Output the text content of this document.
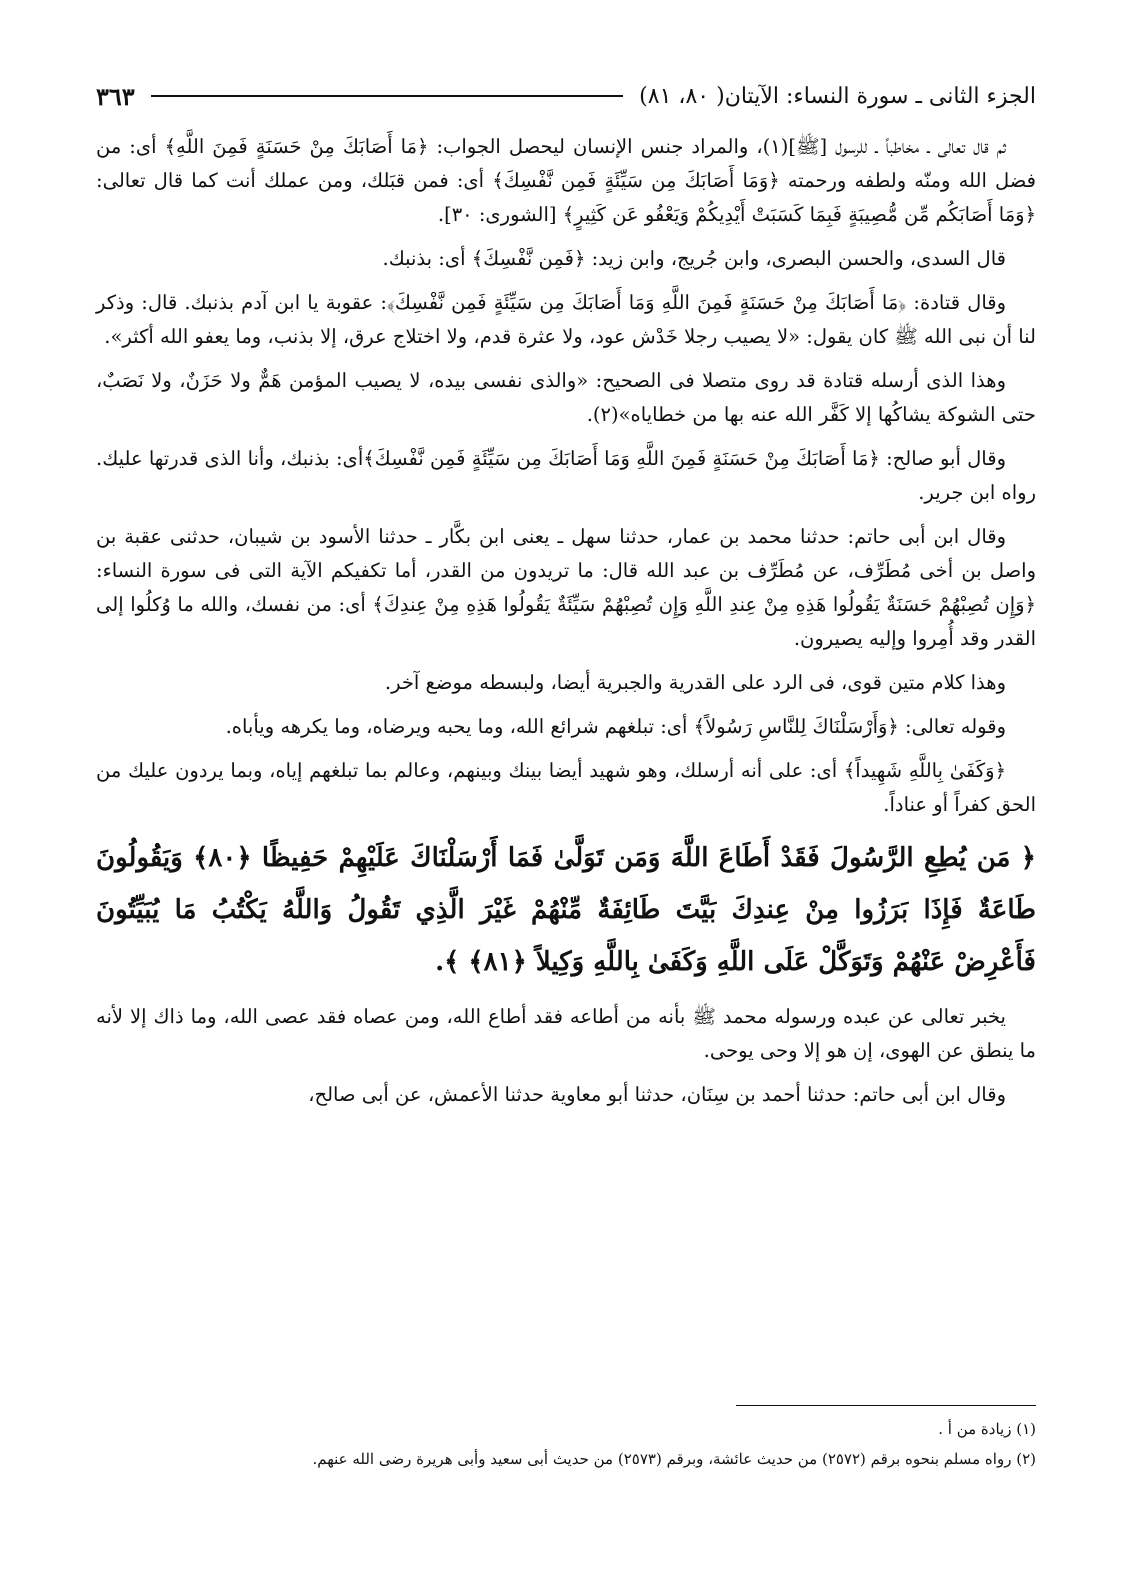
الجزء الثانى ـ سورة النساء: الآيتان( ٨٠، ٨١)
٣٦٣

ثم قال تعالى ـ مخاطباً ـ للرسول [ﷺ](١)، والمراد جنس الإنسان ليحصل الجواب: ﴿مَا أَصَابَكَ مِنْ حَسَنَةٍ فَمِنَ اللَّهِ﴾ أى: من فضل الله ومنّه ولطفه ورحمته ﴿وَمَا أَصَابَكَ مِن سَيِّئَةٍ فَمِن نَّفْسِكَ﴾ أى: فمن قبَلك، ومن عملك أنت كما قال تعالى: ﴿وَمَا أَصَابَكُم مِّن مُّصِيبَةٍ فَبِمَا كَسَبَتْ أَيْدِيكُمْ وَيَعْفُو عَن كَثِيرٍ﴾ [الشورى: ٣٠].

قال السدى، والحسن البصرى، وابن جُريج، وابن زيد: ﴿فَمِن نَّفْسِكَ﴾ أى: بذنبك.

وقال قتادة: ﴿مَا أَصَابَكَ مِنْ حَسَنَةٍ فَمِنَ اللَّهِ وَمَا أَصَابَكَ مِن سَيِّئَةٍ فَمِن نَّفْسِكَ﴾: عقوبة يا ابن آدم بذنبك. قال: وذكر لنا أن نبى الله ﷺ كان يقول: «لا يصيب رجلا خَدْش عود، ولا عثرة قدم، ولا اختلاج عرق، إلا بذنب، وما يعفو الله أكثر».

وهذا الذى أرسله قتادة قد روى متصلا فى الصحيح: «والذى نفسى بيده، لا يصيب المؤمن هَمٌّ ولا حَزَنٌ، ولا نَصَبٌ، حتى الشوكة يشاكُها إلا كَفَّر الله عنه بها من خطاياه»(٢).

وقال أبو صالح: ﴿مَا أَصَابَكَ مِنْ حَسَنَةٍ فَمِنَ اللَّهِ وَمَا أَصَابَكَ مِن سَيِّئَةٍ فَمِن نَّفْسِكَ﴾أى: بذنبك، وأنا الذى قدرتها عليك. رواه ابن جرير.

وقال ابن أبى حاتم: حدثنا محمد بن عمار، حدثنا سهل ـ يعنى ابن بكَّار ـ حدثنا الأسود بن شيبان، حدثنى عقبة بن واصل بن أخى مُطَرِّف، عن مُطَرِّف بن عبد الله قال: ما تريدون من القدر، أما تكفيكم الآية التى فى سورة النساء: ﴿وَإِن تُصِبْهُمْ حَسَنَةٌ يَقُولُوا هَذِهِ مِنْ عِندِ اللَّهِ وَإِن تُصِبْهُمْ سَيِّئَةٌ يَقُولُوا هَذِهِ مِنْ عِندِكَ﴾ أى: من نفسك، والله ما وُكلُوا إلى القدر وقد أُمِروا وإليه يصيرون.

وهذا كلام متين قوى، فى الرد على القدرية والجبرية أيضا، ولبسطه موضع آخر.

وقوله تعالى: ﴿وَأَرْسَلْنَاكَ لِلنَّاسِ رَسُولاً﴾ أى: تبلغهم شرائع الله، وما يحبه ويرضاه، وما يكرهه ويأباه.

﴿وَكَفَىٰ بِاللَّهِ شَهِيداً﴾ أى: على أنه أرسلك، وهو شهيد أيضا بينك وبينهم، وعالم بما تبلغهم إياه، وبما يردون عليك من الحق كفراً أو عناداً.

﴿ مَن يُطِعِ الرَّسُولَ فَقَدْ أَطَاعَ اللَّهَ وَمَن تَوَلَّىٰ فَمَا أَرْسَلْنَاكَ عَلَيْهِمْ حَفِيظًا ﴿٨٠﴾ وَيَقُولُونَ طَاعَةٌ فَإِذَا بَرَزُوا مِنْ عِندِكَ بَيَّتَ طَائِفَةٌ مِّنْهُمْ غَيْرَ الَّذِي تَقُولُ وَاللَّهُ يَكْتُبُ مَا يُبَيِّتُونَ فَأَعْرِضْ عَنْهُمْ وَتَوَكَّلْ عَلَى اللَّهِ وَكَفَىٰ بِاللَّهِ وَكِيلاً ﴿٨١﴾ ﴾.

يخبر تعالى عن عبده ورسوله محمد ﷺ بأنه من أطاعه فقد أطاع الله، ومن عصاه فقد عصى الله، وما ذاك إلا لأنه ما ينطق عن الهوى، إن هو إلا وحى يوحى.

وقال ابن أبى حاتم: حدثنا أحمد بن سِنَان، حدثنا أبو معاوية حدثنا الأعمش، عن أبى صالح،

(١) زيادة من أ .

(٢) رواه مسلم بنحوه برقم (٢٥٧٢) من حديث عائشة، وبرقم (٢٥٧٣) من حديث أبى سعيد وأبى هريرة رضى الله عنهم.
